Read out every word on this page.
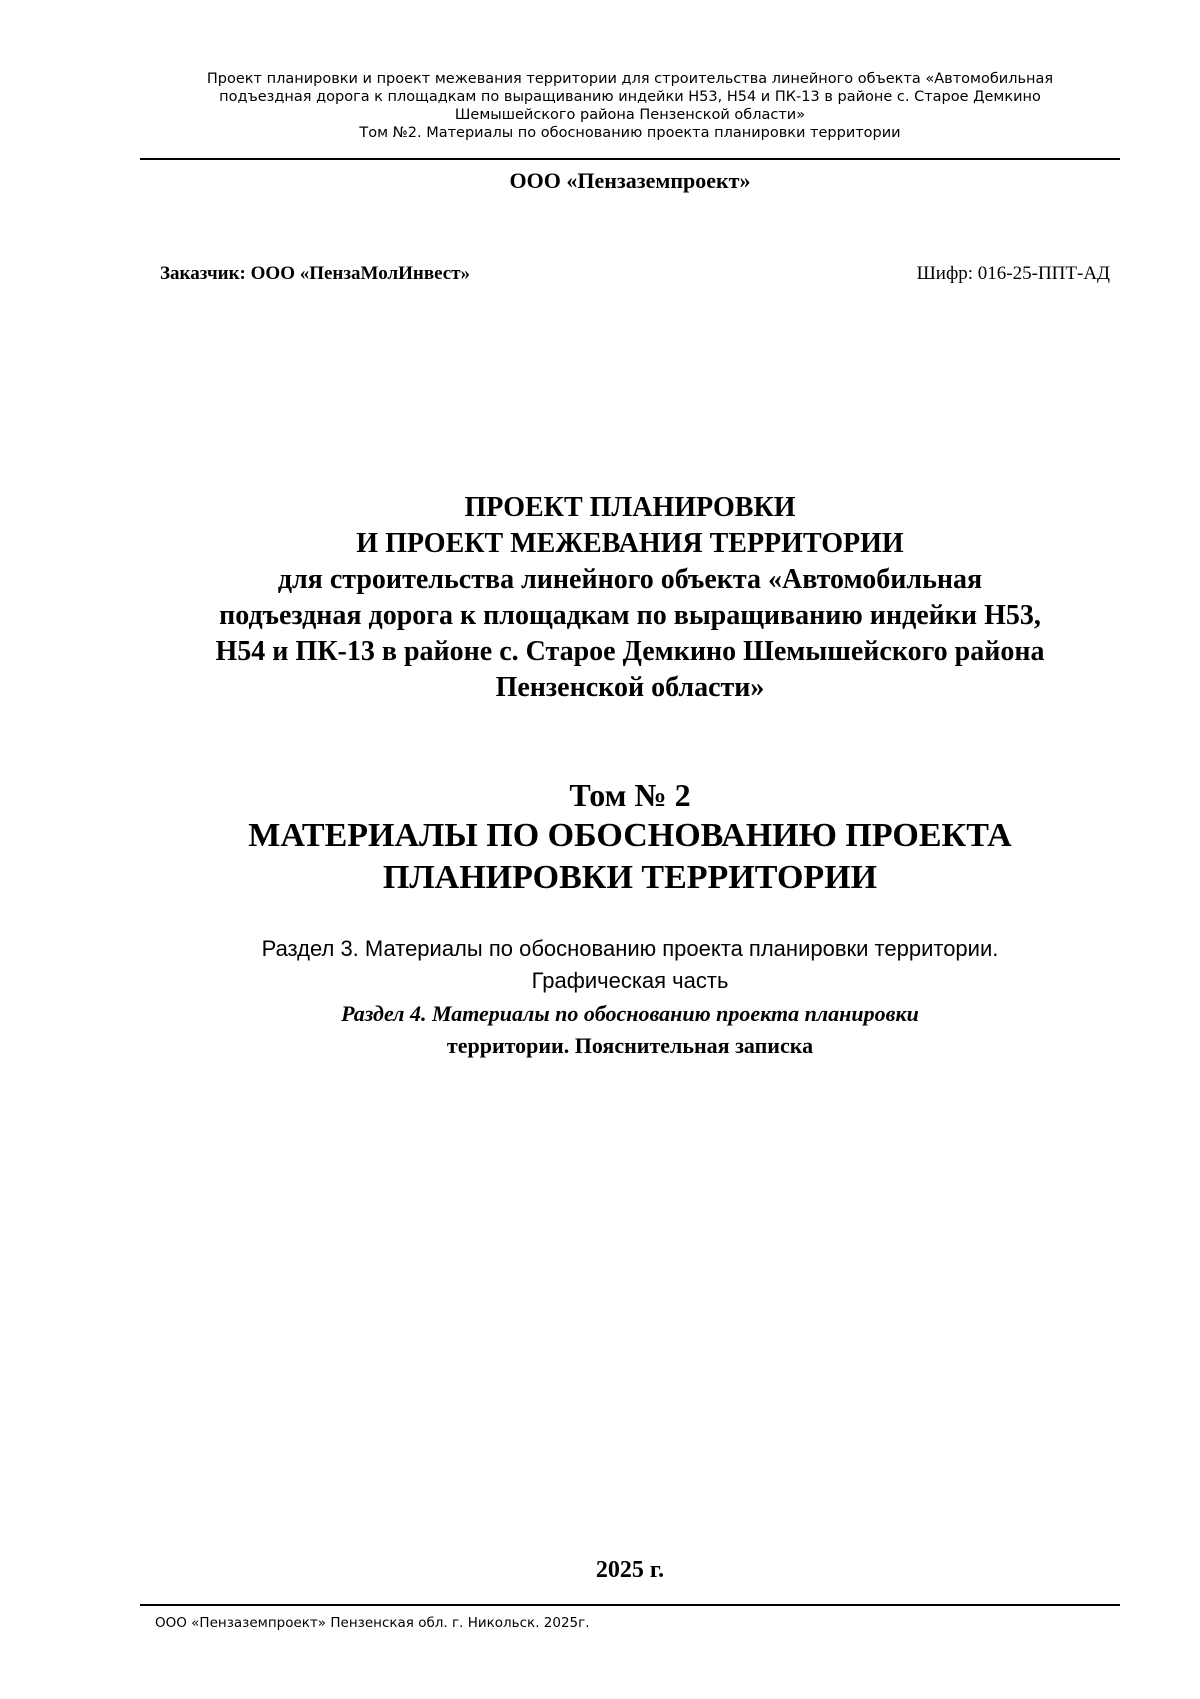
Проект планировки и проект межевания территории для строительства линейного объекта «Автомобильная
подъездная дорога к площадкам по выращиванию индейки Н53, Н54 и ПК-13 в районе с. Старое Демкино
Шемышейского района Пензенской области»
Том №2. Материалы по обоснованию проекта планировки территории
ООО «Пензаземпроект»
Заказчик: ООО «ПензаМолИнвест»	Шифр: 016-25-ППТ-АД
ПРОЕКТ ПЛАНИРОВКИ
И ПРОЕКТ МЕЖЕВАНИЯ ТЕРРИТОРИИ
для строительства линейного объекта «Автомобильная
подъездная дорога к площадкам по выращиванию индейки Н53,
Н54 и ПК-13 в районе с. Старое Демкино Шемышейского района
Пензенской области»
Том № 2
МАТЕРИАЛЫ ПО ОБОСНОВАНИЮ ПРОЕКТА
ПЛАНИРОВКИ ТЕРРИТОРИИ
Раздел 3. Материалы по обоснованию проекта планировки территории.
Графическая часть
Раздел 4. Материалы по обоснованию проекта планировки
территории. Пояснительная записка
2025 г.
ООО «Пензаземпроект» Пензенская обл. г. Никольск. 2025г.
